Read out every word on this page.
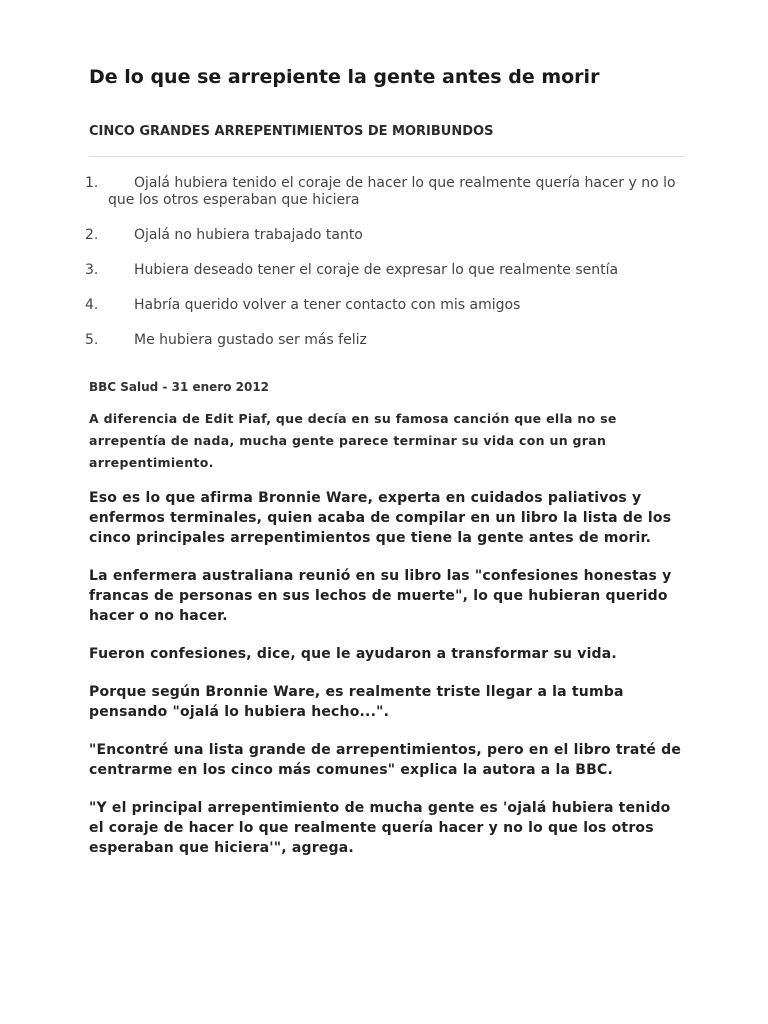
De lo que se arrepiente la gente antes de morir
CINCO GRANDES ARREPENTIMIENTOS DE MORIBUNDOS
1.	Ojalá hubiera tenido el coraje de hacer lo que realmente quería hacer y no lo que los otros esperaban que hiciera
2.	Ojalá no hubiera trabajado tanto
3.	Hubiera deseado tener el coraje de expresar lo que realmente sentía
4.	Habría querido volver a tener contacto con mis amigos
5.	Me hubiera gustado ser más feliz

BBC Salud - 31 enero 2012

A diferencia de Edit Piaf, que decía en su famosa canción que ella no se arrepentía de nada, mucha gente parece terminar su vida con un gran arrepentimiento.

Eso es lo que afirma Bronnie Ware, experta en cuidados paliativos y enfermos terminales, quien acaba de compilar en un libro la lista de los cinco principales arrepentimientos que tiene la gente antes de morir.

La enfermera australiana reunió en su libro las "confesiones honestas y francas de personas en sus lechos de muerte", lo que hubieran querido hacer o no hacer.

Fueron confesiones, dice, que le ayudaron a transformar su vida.

Porque según Bronnie Ware, es realmente triste llegar a la tumba pensando "ojalá lo hubiera hecho...".

"Encontré una lista grande de arrepentimientos, pero en el libro traté de centrarme en los cinco más comunes" explica la autora a la BBC.

"Y el principal arrepentimiento de mucha gente es 'ojalá hubiera tenido el coraje de hacer lo que realmente quería hacer y no lo que los otros esperaban que hiciera'", agrega.
